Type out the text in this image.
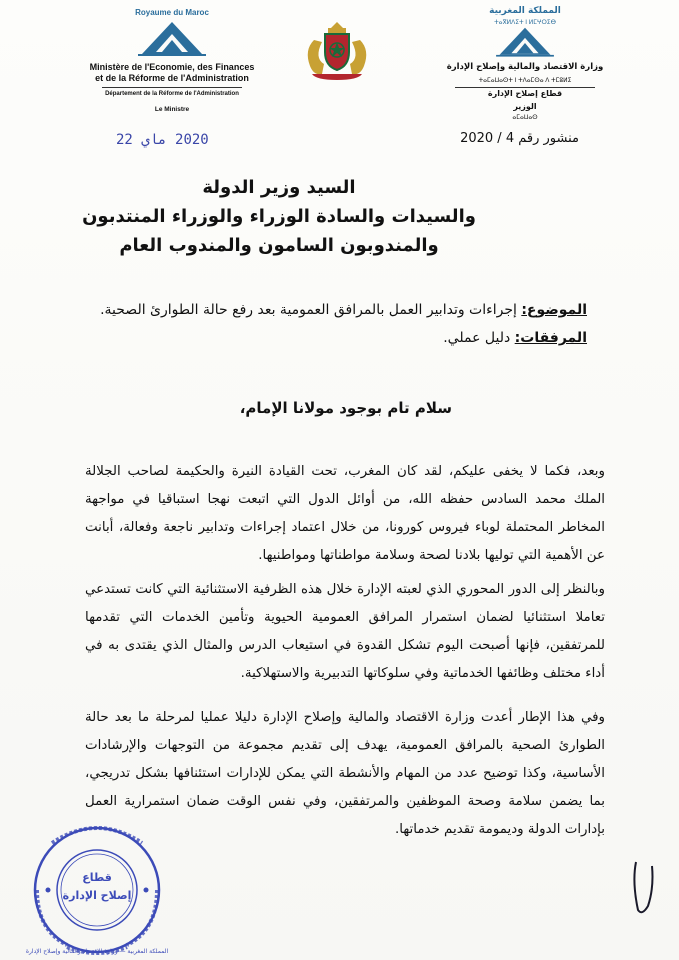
Royaume du Maroc
Ministère de l'Economie, des Finances
et de la Réforme de l'Administration
Département de la Réforme de l'Administration
Le Ministre
المملكة المغربية
ⵜⴰⴳⵍⴷⵉⵜ ⵏ ⵍⵎⵖⵔⵉⴱ
وزارة الاقتصاد والمالية وإصلاح الإدارة
ⵜⴰⵎⴰⵡⴰⵙⵜ ⵏ ⵜⴷⴰⵎⵙⴰ ⴷ ⵜⵎⵓⵍⵉ
قطاع إصلاح الإدارة
الوزير
ⴰⵎⴰⵡⴰⵙ
2020 ماي 22	منشور رقم 4 / 2020
السيد وزير الدولة
والسيدات والسادة الوزراء والوزراء المنتدبون
والمندوبون السامون والمندوب العام
الموضوع: إجراءات وتدابير العمل بالمرافق العمومية بعد رفع حالة الطوارئ الصحية.
المرفقات: دليل عملي.
سلام تام بوجود مولانا الإمام،
وبعد، فكما لا يخفى عليكم، لقد كان المغرب، تحت القيادة النيرة والحكيمة لصاحب الجلالة الملك محمد السادس حفظه الله، من أوائل الدول التي اتبعت نهجا استباقيا في مواجهة المخاطر المحتملة لوباء فيروس كورونا، من خلال اعتماد إجراءات وتدابير ناجعة وفعالة، أبانت عن الأهمية التي توليها بلادنا لصحة وسلامة مواطناتها ومواطنيها.
وبالنظر إلى الدور المحوري الذي لعبته الإدارة خلال هذه الظرفية الاستثنائية التي كانت تستدعي تعاملا استثنائيا لضمان استمرار المرافق العمومية الحيوية وتأمين الخدمات التي تقدمها للمرتفقين، فإنها أصبحت اليوم تشكل القدوة في استيعاب الدرس والمثال الذي يقتدى به في أداء مختلف وظائفها الخدماتية وفي سلوكاتها التدبيرية والاستهلاكية.
وفي هذا الإطار أعدت وزارة الاقتصاد والمالية وإصلاح الإدارة دليلا عمليا لمرحلة ما بعد حالة الطوارئ الصحية بالمرافق العمومية، يهدف إلى تقديم مجموعة من التوجهات والإرشادات الأساسية، وكذا توضيح عدد من المهام والأنشطة التي يمكن للإدارات استئنافها بشكل تدريجي، بما يضمن سلامة وصحة الموظفين والمرتفقين، وفي نفس الوقت ضمان استمرارية العمل بإدارات الدولة وديمومة تقديم خدماتها.
المملكة المغربية — وزارة الاقتصاد والمالية وإصلاح الإدارة
قطاع
إصلاح الإدارة
